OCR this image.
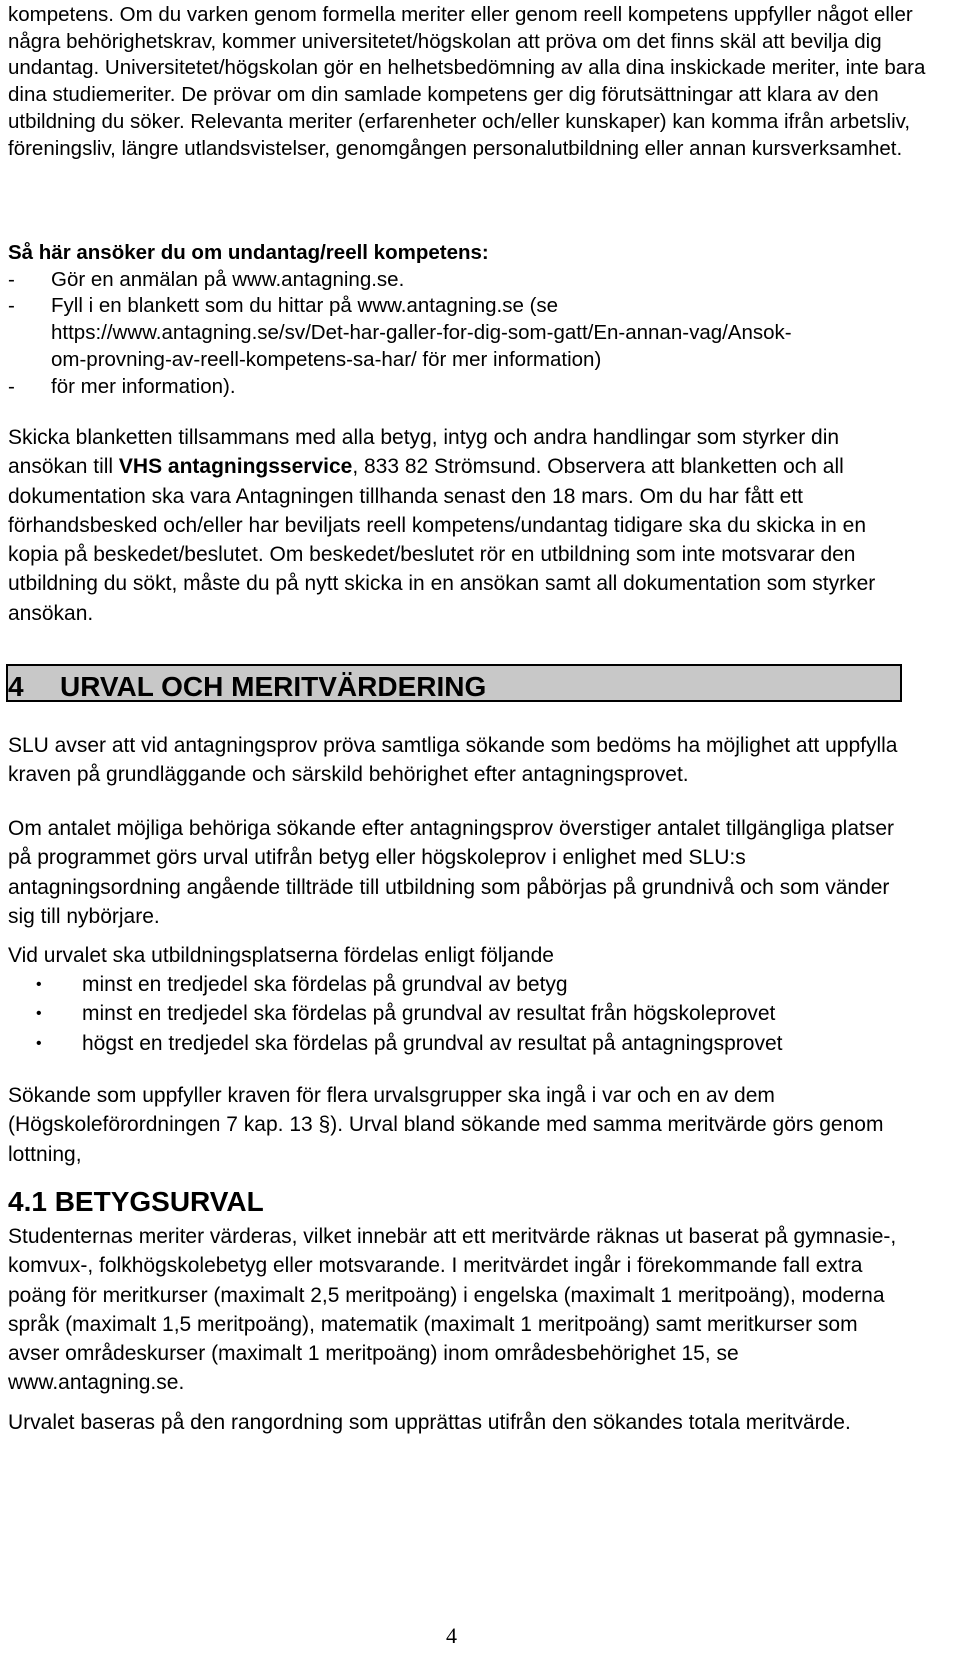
kompetens. Om du varken genom formella meriter eller genom reell kompetens uppfyller något eller några behörighetskrav, kommer universitetet/högskolan att pröva om det finns skäl att bevilja dig undantag. Universitetet/högskolan gör en helhetsbedömning av alla dina inskickade meriter, inte bara dina studiemeriter. De prövar om din samlade kompetens ger dig förutsättningar att klara av den utbildning du söker. Relevanta meriter (erfarenheter och/eller kunskaper) kan komma ifrån arbetsliv, föreningsliv, längre utlandsvistelser, genomgången personalutbildning eller annan kursverksamhet.
Så här ansöker du om undantag/reell kompetens:
- Gör en anmälan på www.antagning.se.
- Fyll i en blankett som du hittar på www.antagning.se (se https://www.antagning.se/sv/Det-har-galler-for-dig-som-gatt/En-annan-vag/Ansok-om-provning-av-reell-kompetens-sa-har/ för mer information)
- för mer information).
Skicka blanketten tillsammans med alla betyg, intyg och andra handlingar som styrker din ansökan till VHS antagningsservice, 833 82 Strömsund. Observera att blanketten och all dokumentation ska vara Antagningen tillhanda senast den 18 mars. Om du har fått ett förhandsbesked och/eller har beviljats reell kompetens/undantag tidigare ska du skicka in en kopia på beskedet/beslutet. Om beskedet/beslutet rör en utbildning som inte motsvarar den utbildning du sökt, måste du på nytt skicka in en ansökan samt all dokumentation som styrker ansökan.
4 URVAL OCH MERITVÄRDERING
SLU avser att vid antagningsprov pröva samtliga sökande som bedöms ha möjlighet att uppfylla kraven på grundläggande och särskild behörighet efter antagningsprovet.
Om antalet möjliga behöriga sökande efter antagningsprov överstiger antalet tillgängliga platser på programmet görs urval utifrån betyg eller högskoleprov i enlighet med SLU:s antagningsordning angående tillträde till utbildning som påbörjas på grundnivå och som vänder sig till nybörjare.
Vid urvalet ska utbildningsplatserna fördelas enligt följande
• minst en tredjedel ska fördelas på grundval av betyg
• minst en tredjedel ska fördelas på grundval av resultat från högskoleprovet
• högst en tredjedel ska fördelas på grundval av resultat på antagningsprovet
Sökande som uppfyller kraven för flera urvalsgrupper ska ingå i var och en av dem (Högskoleförordningen 7 kap. 13 §). Urval bland sökande med samma meritvärde görs genom lottning,
4.1 BETYGSURVAL
Studenternas meriter värderas, vilket innebär att ett meritvärde räknas ut baserat på gymnasie-, komvux-, folkhögskolebetyg eller motsvarande. I meritvärdet ingår i förekommande fall extra poäng för meritkurser (maximalt 2,5 meritpoäng) i engelska (maximalt 1 meritpoäng), moderna språk (maximalt 1,5 meritpoäng), matematik (maximalt 1 meritpoäng) samt meritkurser som avser områdeskurser (maximalt 1 meritpoäng) inom områdesbehörighet 15, se www.antagning.se.
Urvalet baseras på den rangordning som upprättas utifrån den sökandes totala meritvärde.
4
